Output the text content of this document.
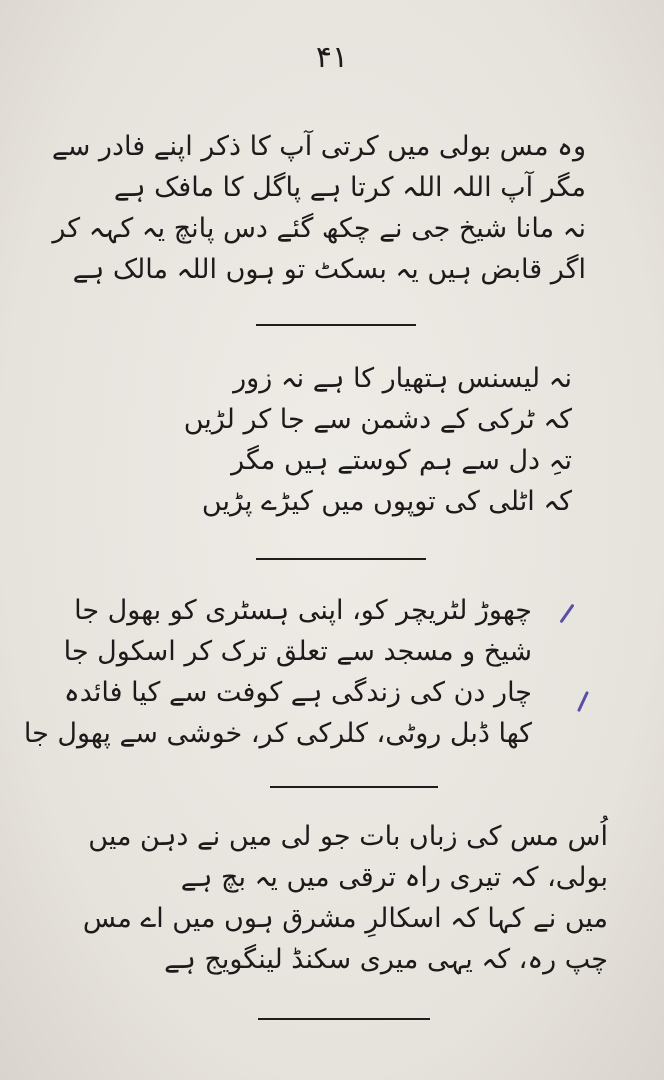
۴۱
وہ مس بولی میں کرتی آپ کا ذکر اپنے فادر سے
مگر آپ اللہ اللہ کرتا ہے پاگل کا مافک ہے
نہ مانا شیخ جی نے چکھ گئے دس پانچ یہ کہہ کر
اگر قابض ہیں یہ بسکٹ تو ہوں اللہ مالک ہے
نہ لیسنس ہتھیار کا ہے نہ زور
کہ ٹرکی کے دشمن سے جا کر لڑیں
تہِ دل سے ہم کوستے ہیں مگر
کہ اٹلی کی توپوں میں کیڑے پڑیں
چھوڑ لٹریچر کو، اپنی ہسٹری کو بھول جا
شیخ و مسجد سے تعلق ترک کر اسکول جا
چار دن کی زندگی ہے کوفت سے کیا فائدہ
کھا ڈبل روٹی، کلرکی کر، خوشی سے پھول جا
اُس مس کی زباں بات جو لی میں نے دہن میں
بولی، کہ تیری راہ ترقی میں یہ بچ ہے
میں نے کہا کہ اسکالرِ مشرق ہوں میں اے مس
چپ رہ، کہ یہی میری سکنڈ لینگویج ہے
